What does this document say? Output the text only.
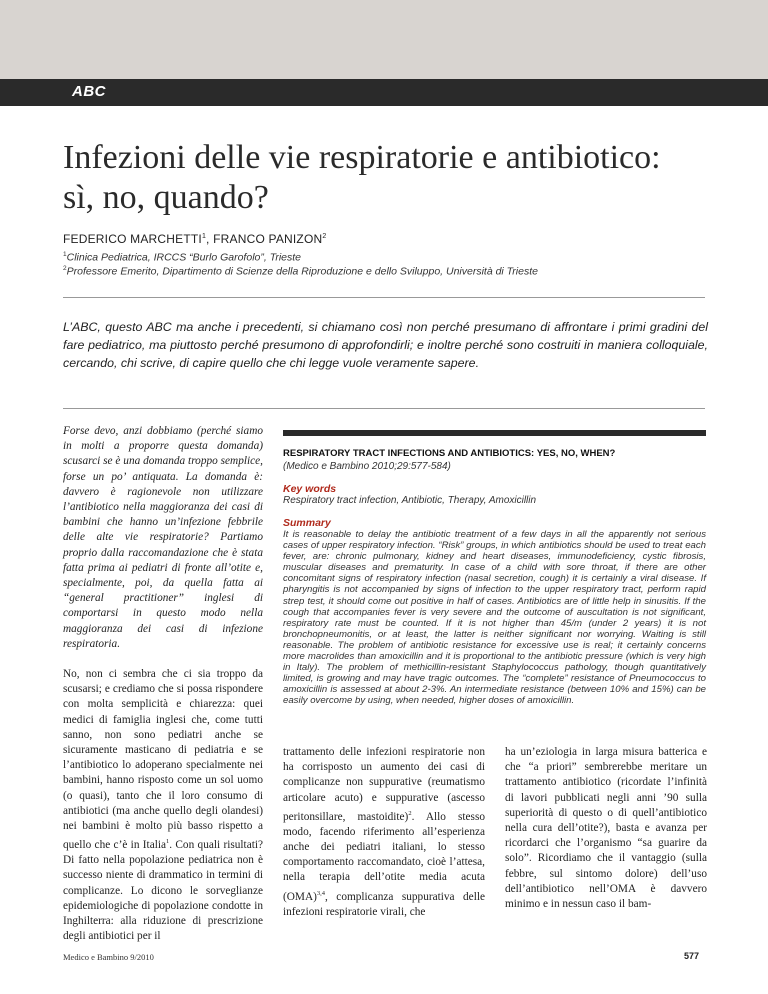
ABC
Infezioni delle vie respiratorie e antibiotico:
sì, no, quando?
FEDERICO MARCHETTI$^1$, FRANCO PANIZON$^2$
$^1$Clinica Pediatrica, IRCCS “Burlo Garofolo”, Trieste
$^2$Professore Emerito, Dipartimento di Scienze della Riproduzione e dello Sviluppo, Università di Trieste

L’ABC, questo ABC ma anche i precedenti, si chiamano così non perché presumano di affrontare i primi gradini del fare pediatrico, ma piuttosto perché presumono di approfondirli; e inoltre perché sono costruiti in maniera colloquiale, cercando, chi scrive, di capire quello che chi legge vuole veramente sapere.

Forse devo, anzi dobbiamo (perché siamo in molti a proporre questa domanda) scusarci se è una domanda troppo semplice, forse un po’ antiquata. La domanda è: davvero è ragionevole non utilizzare l’antibiotico nella maggioranza dei casi di bambini che hanno un’infezione febbrile delle alte vie respiratorie? Partiamo proprio dalla raccomandazione che è stata fatta prima ai pediatri di fronte all’otite e, specialmente, poi, da quella fatta ai “general practitioner” inglesi di comportarsi in questo modo nella maggioranza dei casi di infezione respiratoria.

No, non ci sembra che ci sia troppo da scusarsi; e crediamo che si possa rispondere con molta semplicità e chiarezza: quei medici di famiglia inglesi che, come tutti sanno, non sono pediatri anche se sicuramente masticano di pediatria e se l’antibiotico lo adoperano specialmente nei bambini, hanno risposto come un sol uomo (o quasi), tanto che il loro consumo di antibiotici (ma anche quello degli olandesi) nei bambini è molto più basso rispetto a quello che c’è in Italia$^1$. Con quali risultati? Di fatto nella popolazione pediatrica non è successo niente di drammatico in termini di complicanze. Lo dicono le sorveglianze epidemiologiche di popolazione condotte in Inghilterra: alla riduzione di prescrizione degli antibiotici per il

RESPIRATORY TRACT INFECTIONS AND ANTIBIOTICS: YES, NO, WHEN?

(Medico e Bambino 2010;29:577-584)

Key words

Respiratory tract infection, Antibiotic, Therapy, Amoxicillin

Summary

It is reasonable to delay the antibiotic treatment of a few days in all the apparently not serious cases of upper respiratory infection. “Risk” groups, in which antibiotics should be used to treat each fever, are: chronic pulmonary, kidney and heart diseases, immunodeficiency, cystic fibrosis, muscular diseases and prematurity. In case of a child with sore throat, if there are other concomitant signs of respiratory infection (nasal secretion, cough) it is certainly a viral disease. If pharyngitis is not accompanied by signs of infection to the upper respiratory tract, perform rapid strep test, it should come out positive in half of cases. Antibiotics are of little help in sinusitis. If the cough that accompanies fever is very severe and the outcome of auscultation is not significant, respiratory rate must be counted. If it is not higher than 45/m (under 2 years) it is not bronchopneumonitis, or at least, the latter is neither significant nor worrying. Waiting is still reasonable. The problem of antibiotic resistance for excessive use is real; it certainly concerns more macrolides than amoxicillin and it is proportional to the antibiotic pressure (which is very high in Italy). The problem of methicillin-resistant Staphylococcus pathology, though quantitatively limited, is growing and may have tragic outcomes. The “complete” resistance of Pneumococcus to amoxicillin is assessed at about 2-3%. An intermediate resistance (between 10% and 15%) can be easily overcome by using, when needed, higher doses of amoxicillin.

trattamento delle infezioni respiratorie non ha corrisposto un aumento dei casi di complicanze non suppurative (reumatismo articolare acuto) e suppurative (ascesso peritonsillare, mastoidite)$^2$. Allo stesso modo, facendo riferimento all’esperienza anche dei pediatri italiani, lo stesso comportamento raccomandato, cioè l’attesa, nella terapia dell’otite media acuta (OMA)$^{3,4}$, complicanza suppurativa delle infezioni respiratorie virali, che

ha un’eziologia in larga misura batterica e che “a priori” sembrerebbe meritare un trattamento antibiotico (ricordate l’infinità di lavori pubblicati negli anni ’90 sulla superiorità di questo o di quell’antibiotico nella cura dell’otite?), basta e avanza per ricordarci che l’organismo “sa guarire da solo”. Ricordiamo che il vantaggio (sulla febbre, sul sintomo dolore) dell’uso dell’antibiotico nell’OMA è davvero minimo e in nessun caso il bam-

Medico e Bambino 9/2010	577
